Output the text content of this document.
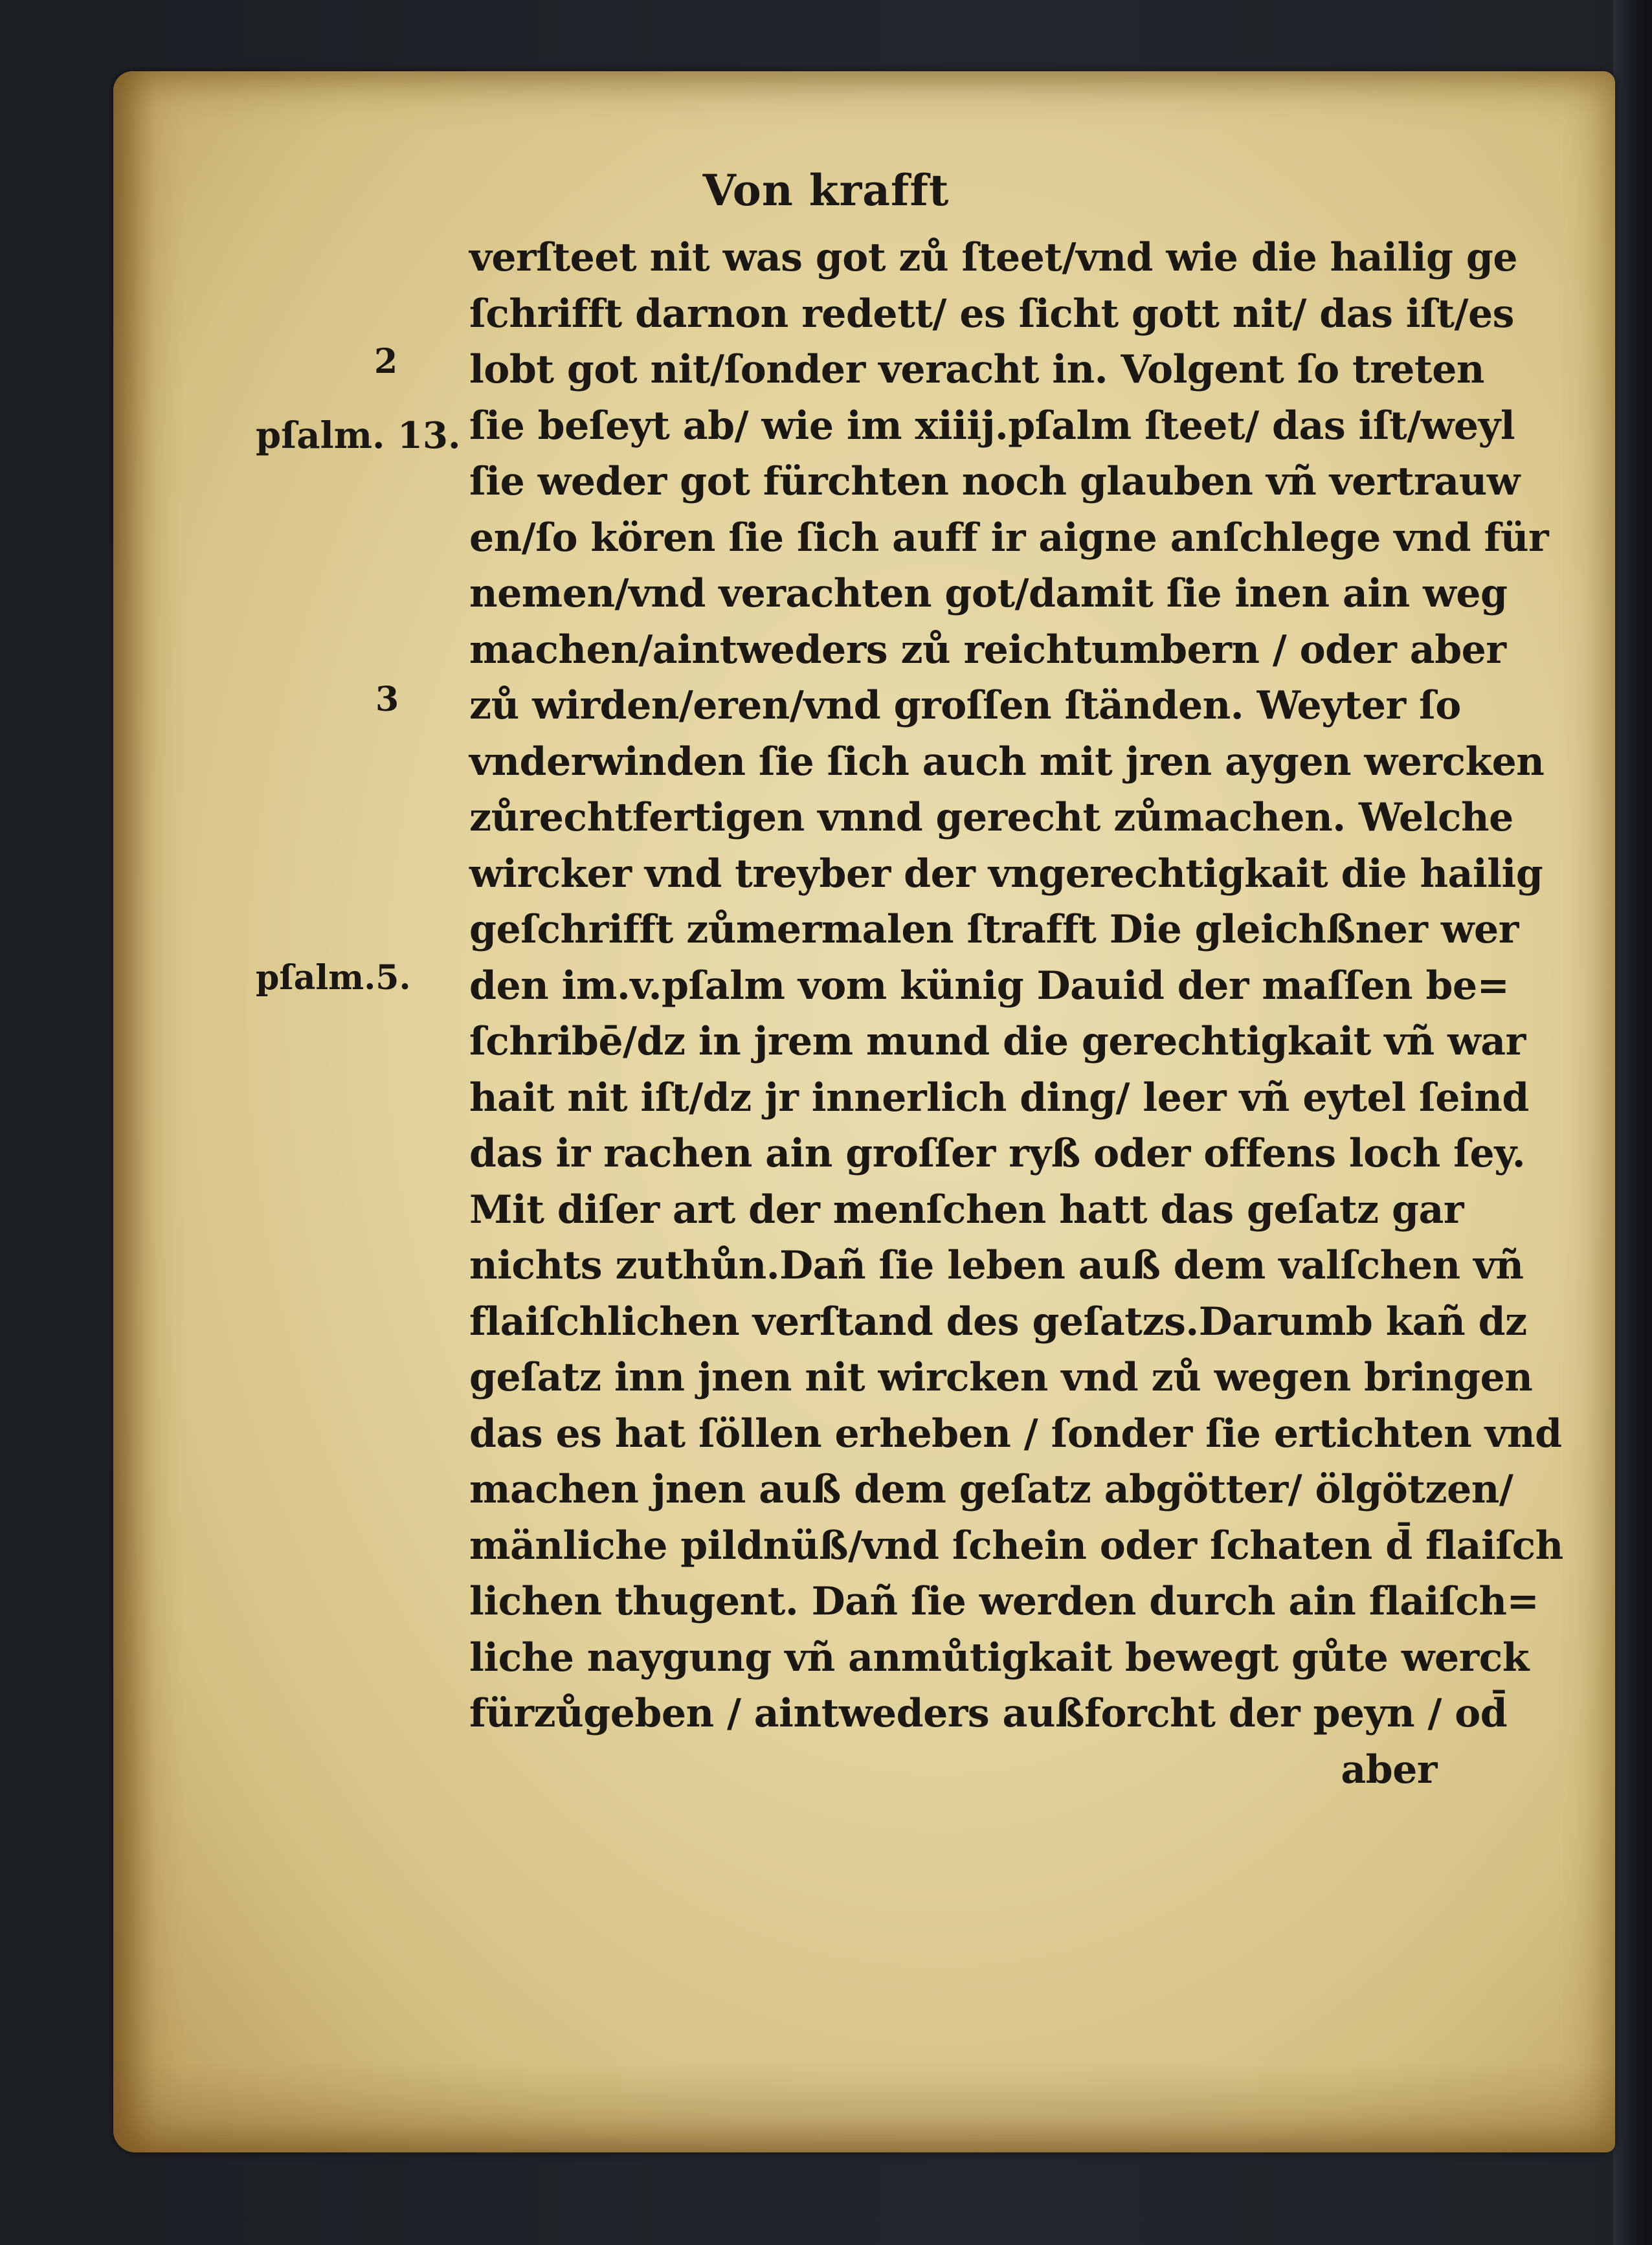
Von krafft
2
pſalm. 13.
3
pſalm.5.
verſteet nit was got zů ſteet/vnd wie die hailig ge
ſchrifft darnon redett/ es ſicht gott nit/ das iſt/es
lobt got nit/ſonder veracht in. Volgent ſo treten
ſie beſeyt ab/ wie im xiiij.pſalm ſteet/ das iſt/weyl
ſie weder got fürchten noch glauben vñ vertrauw
en/ſo kören ſie ſich auff ir aigne anſchlege vnd für
nemen/vnd verachten got/damit ſie inen ain weg
machen/aintweders zů reichtumbern / oder aber
zů wirden/eren/vnd groſſen ſtänden. Weyter ſo
vnderwinden ſie ſich auch mit jren aygen wercken
zůrechtfertigen vnnd gerecht zůmachen. Welche
wircker vnd treyber der vngerechtigkait die hailig
geſchrifft zůmermalen ſtrafft Die gleichßner wer
den im.v.pſalm vom künig Dauid der maſſen be=
ſchribē/dz in jrem mund die gerechtigkait vñ war
hait nit iſt/dz jr innerlich ding/ leer vñ eytel ſeind
das ir rachen ain groſſer ryß oder offens loch ſey.
Mit diſer art der menſchen hatt das geſatz gar
nichts zuthůn.Dañ ſie leben auß dem valſchen vñ
flaiſchlichen verſtand des geſatzs.Darumb kañ dz
geſatz inn jnen nit wircken vnd zů wegen bringen
das es hat ſöllen erheben / ſonder ſie ertichten vnd
machen jnen auß dem geſatz abgötter/ ölgötzen/
mänliche pildnüß/vnd ſchein oder ſchaten d̄ flaiſch
lichen thugent. Dañ ſie werden durch ain flaiſch=
liche naygung vñ anmůtigkait bewegt gůte werck
fürzůgeben / aintweders außforcht der peyn / od̄
aber
